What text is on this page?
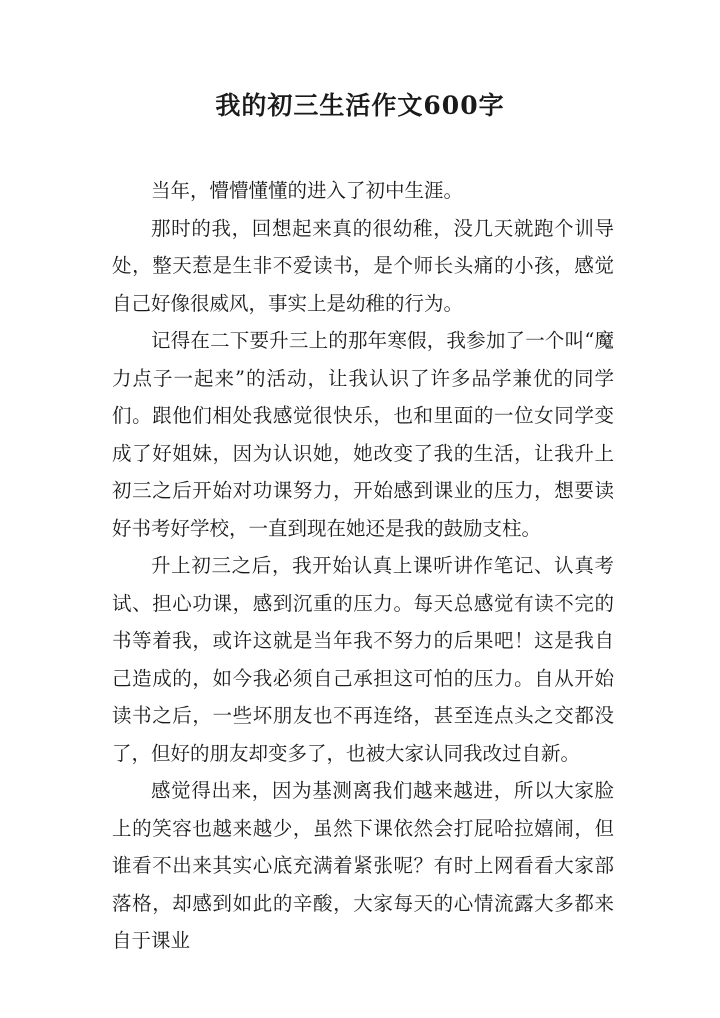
我的初三生活作文600字

当年，懵懵懂懂的进入了初中生涯。

那时的我，回想起来真的很幼稚，没几天就跑个训导处，整天惹是生非不爱读书，是个师长头痛的小孩，感觉自己好像很威风，事实上是幼稚的行为。

记得在二下要升三上的那年寒假，我参加了一个叫“魔力点子一起来”的活动，让我认识了许多品学兼优的同学们。跟他们相处我感觉很快乐，也和里面的一位女同学变成了好姐妹，因为认识她，她改变了我的生活，让我升上初三之后开始对功课努力，开始感到课业的压力，想要读好书考好学校，一直到现在她还是我的鼓励支柱。

升上初三之后，我开始认真上课听讲作笔记、认真考试、担心功课，感到沉重的压力。每天总感觉有读不完的书等着我，或许这就是当年我不努力的后果吧！这是我自己造成的，如今我必须自己承担这可怕的压力。自从开始读书之后，一些坏朋友也不再连络，甚至连点头之交都没了，但好的朋友却变多了，也被大家认同我改过自新。

感觉得出来，因为基测离我们越来越进，所以大家脸上的笑容也越来越少，虽然下课依然会打屁哈拉嬉闹，但谁看不出来其实心底充满着紧张呢？有时上网看看大家部落格，却感到如此的辛酸，大家每天的心情流露大多都来自于课业
